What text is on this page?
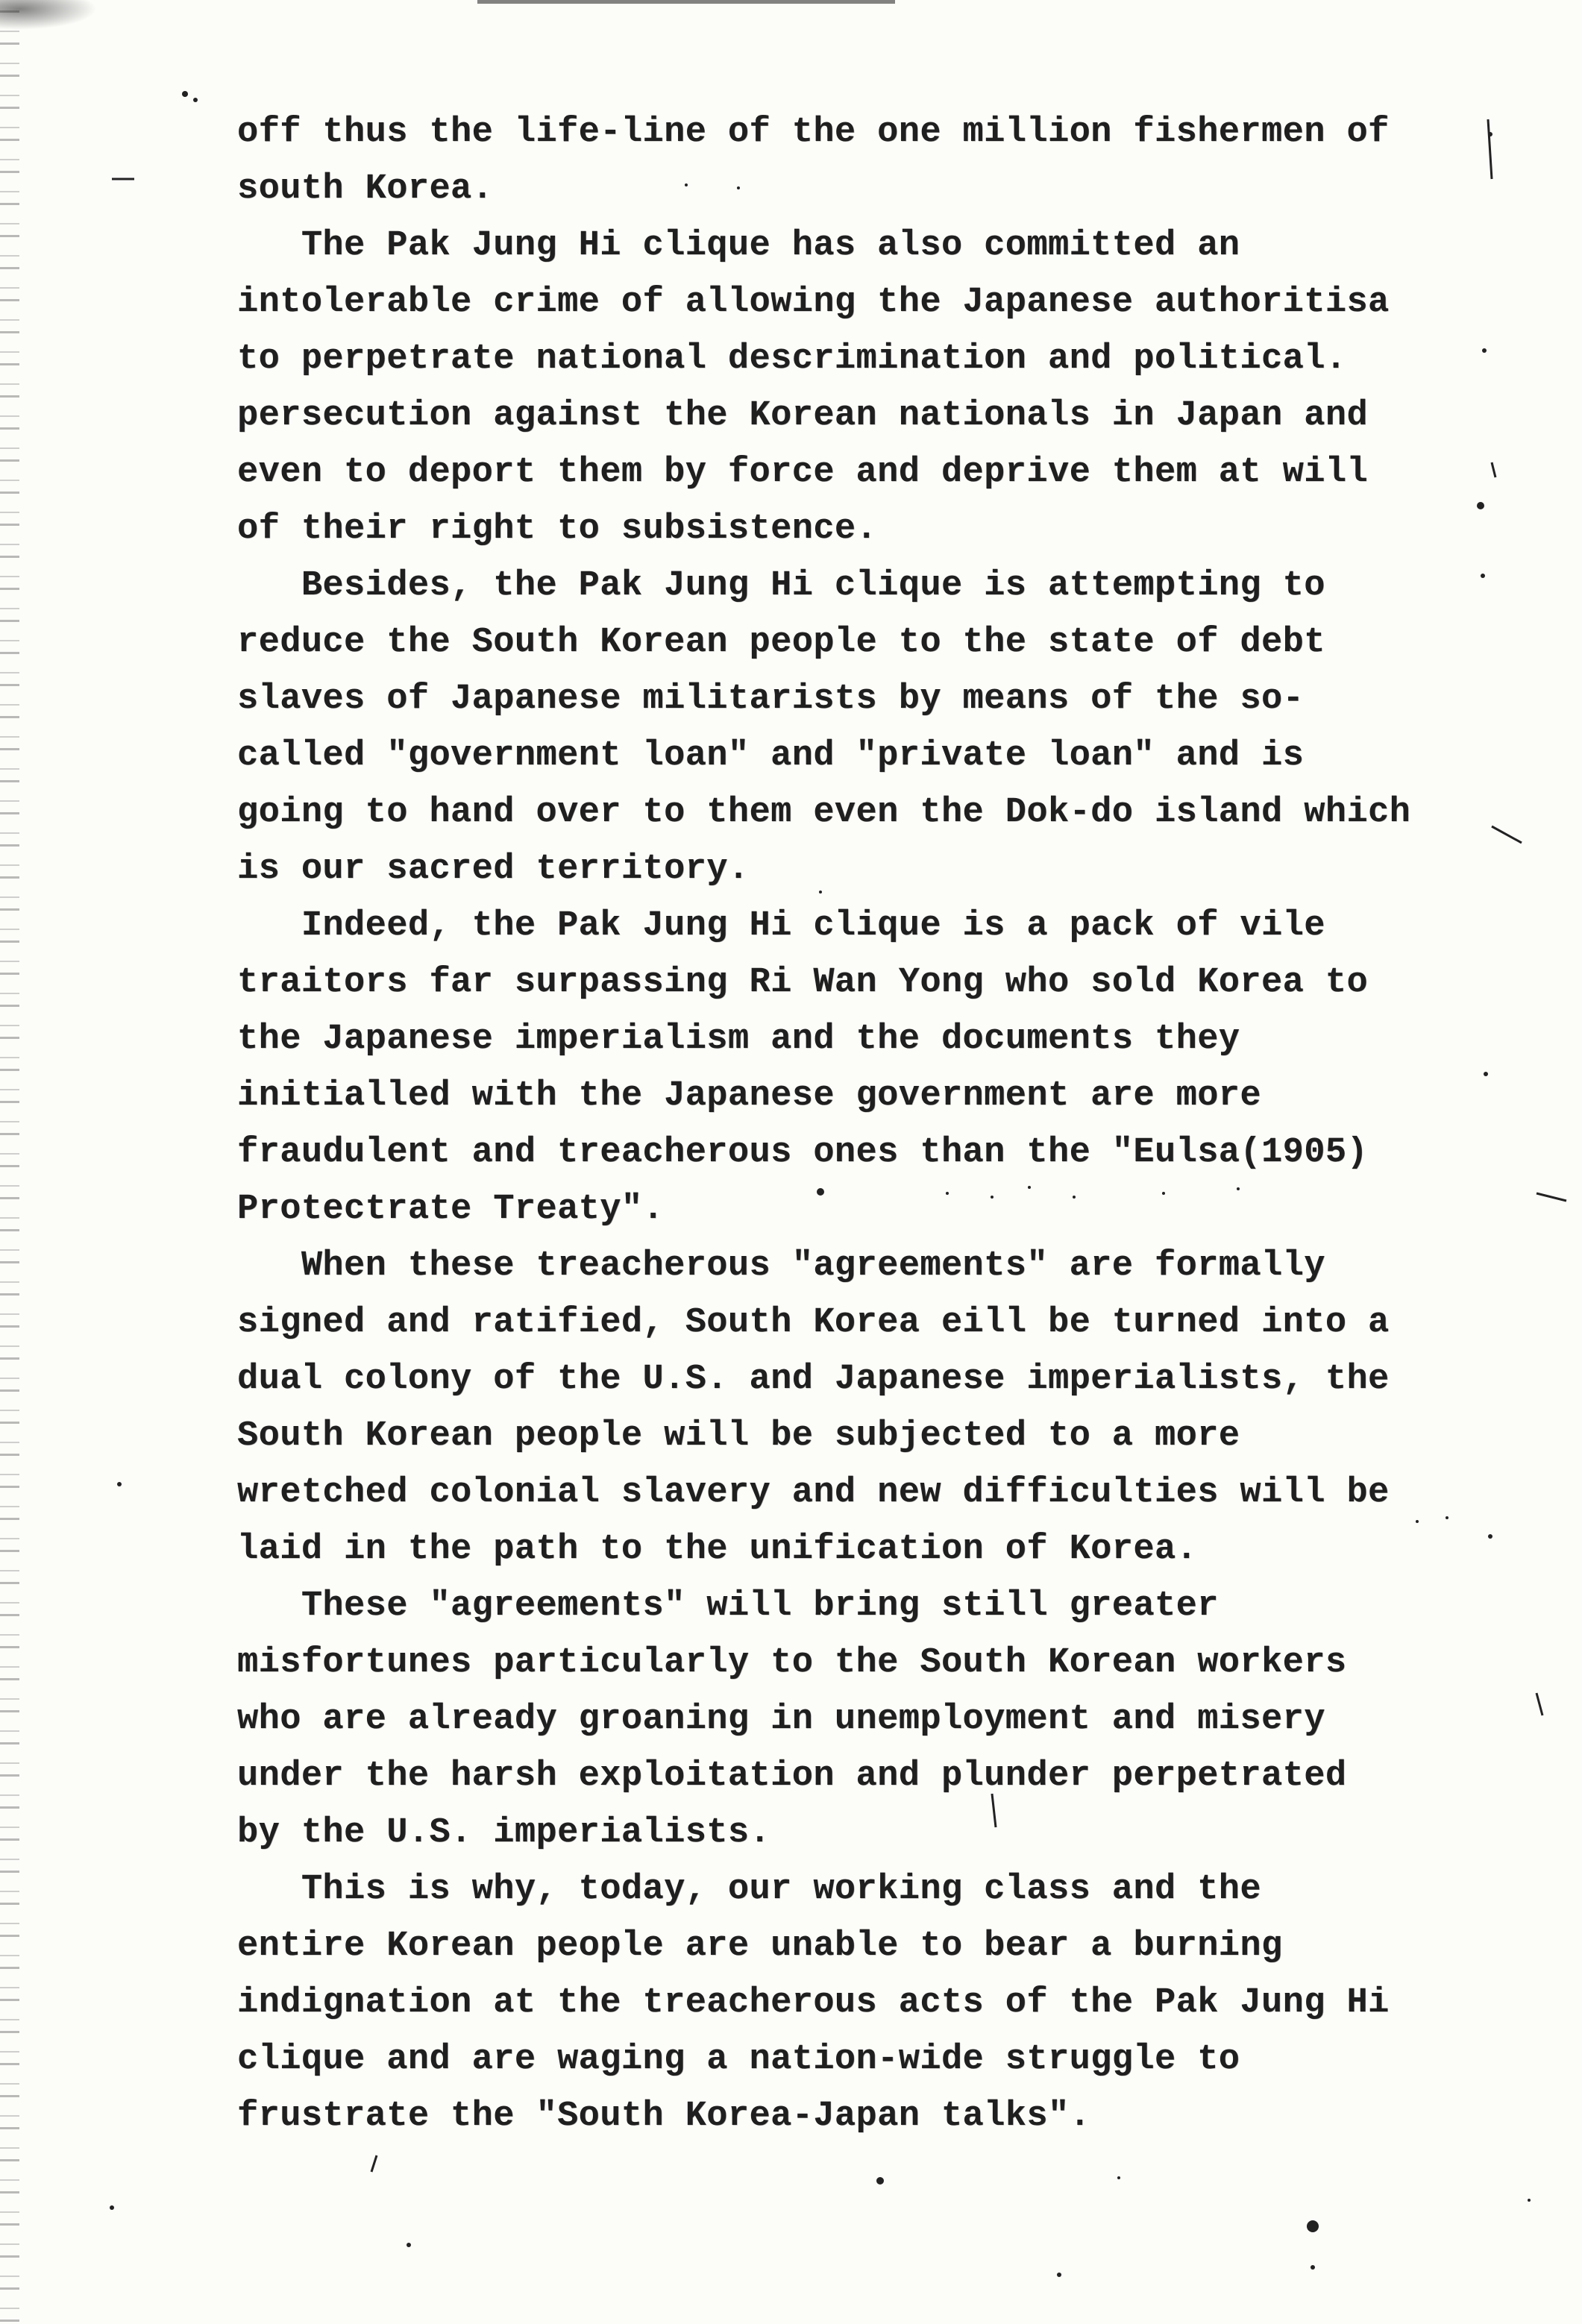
off thus the life-line of the one million fishermen of
south Korea.
The Pak Jung Hi clique has also committed an
intolerable crime of allowing the Japanese authoritisa
to perpetrate national descrimination and political.
persecution against the Korean nationals in Japan and
even to deport them by force and deprive them at will
of their right to subsistence.
Besides, the Pak Jung Hi clique is attempting to
reduce the South Korean people to the state of debt
slaves of Japanese militarists by means of the so-
called "government loan" and "private loan" and is
going to hand over to them even the Dok-do island which
is our sacred territory.
Indeed, the Pak Jung Hi clique is a pack of vile
traitors far surpassing Ri Wan Yong who sold Korea to
the Japanese imperialism and the documents they
initialled with the Japanese government are more
fraudulent and treacherous ones than the "Eulsa(1905)
Protectrate Treaty".
When these treacherous "agreements" are formally
signed and ratified, South Korea eill be turned into a
dual colony of the U.S. and Japanese imperialists, the
South Korean people will be subjected to a more
wretched colonial slavery and new difficulties will be
laid in the path to the unification of Korea.
These "agreements" will bring still greater
misfortunes particularly to the South Korean workers
who are already groaning in unemployment and misery
under the harsh exploitation and plunder perpetrated
by the U.S. imperialists.
This is why, today, our working class and the
entire Korean people are unable to bear a burning
indignation at the treacherous acts of the Pak Jung Hi
clique and are waging a nation-wide struggle to
frustrate the "South Korea-Japan talks".
